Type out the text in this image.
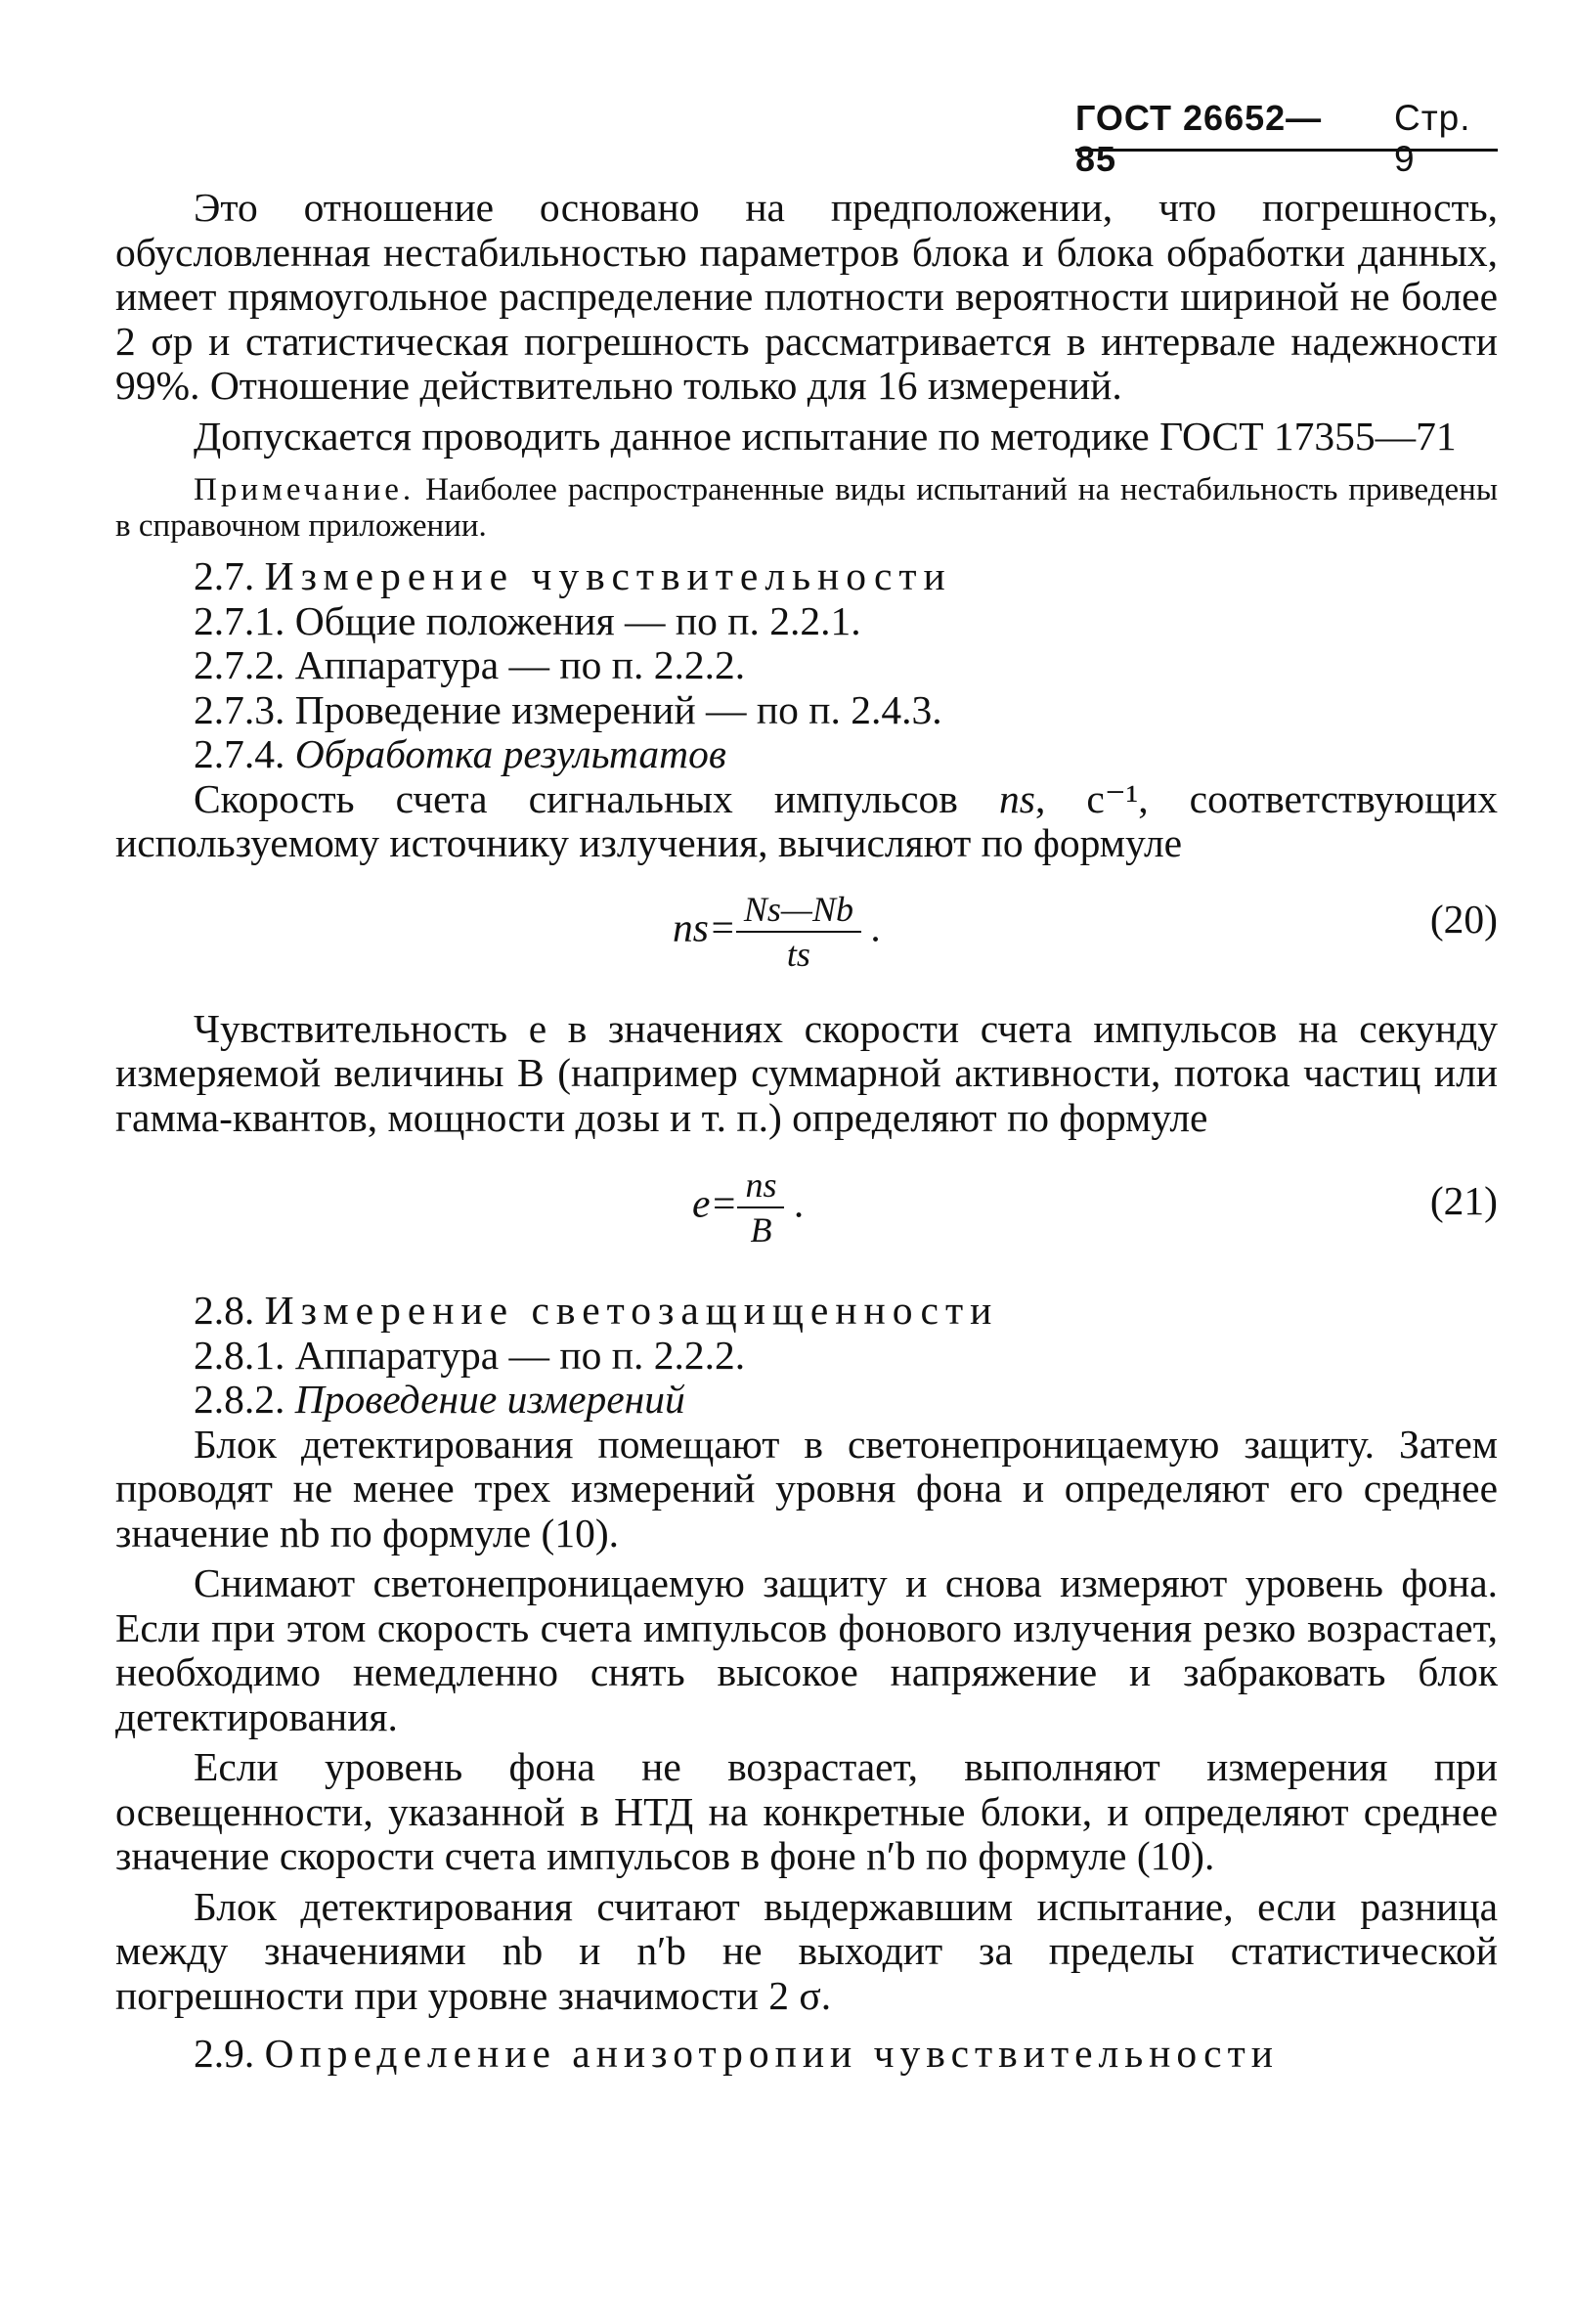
ГОСТ 26652—85
Стр. 9

Это отношение основано на предположении, что погрешность, обусловленная нестабильностью параметров блока и блока обработки данных, имеет прямоугольное распределение плотности вероятности шириной не более 2 σp и статистическая погрешность рассматривается в интервале надежности 99%. Отношение действительно только для 16 измерений.

Допускается проводить данное испытание по методике ГОСТ 17355—71

Примечание. Наиболее распространенные виды испытаний на нестабильность приведены в справочном приложении.

2.7. Измерение чувствительности

2.7.1. Общие положения — по п. 2.2.1.

2.7.2. Аппаратура — по п. 2.2.2.

2.7.3. Проведение измерений — по п. 2.4.3.

2.7.4. Обработка результатов

Скорость счета сигнальных импульсов ns, с⁻¹, соответствующих используемому источнику излучения, вычисляют по формуле

$ns= \frac{Ns—Nb}{ts}$ .	(20)

Чувствительность e в значениях скорости счета импульсов на секунду измеряемой величины B (например суммарной активности, потока частиц или гамма-квантов, мощности дозы и т. п.) определяют по формуле

$e= \frac{ns}{B}$ .	(21)

2.8. Измерение светозащищенности

2.8.1. Аппаратура — по п. 2.2.2.

2.8.2. Проведение измерений

Блок детектирования помещают в светонепроницаемую защиту. Затем проводят не менее трех измерений уровня фона и определяют его среднее значение nb по формуле (10).

Снимают светонепроницаемую защиту и снова измеряют уровень фона. Если при этом скорость счета импульсов фонового излучения резко возрастает, необходимо немедленно снять высокое напряжение и забраковать блок детектирования.

Если уровень фона не возрастает, выполняют измерения при освещенности, указанной в НТД на конкретные блоки, и определяют среднее значение скорости счета импульсов в фоне n′b по формуле (10).

Блок детектирования считают выдержавшим испытание, если разница между значениями nb и n′b не выходит за пределы статистической погрешности при уровне значимости 2 σ.

2.9. Определение анизотропии чувствительности
